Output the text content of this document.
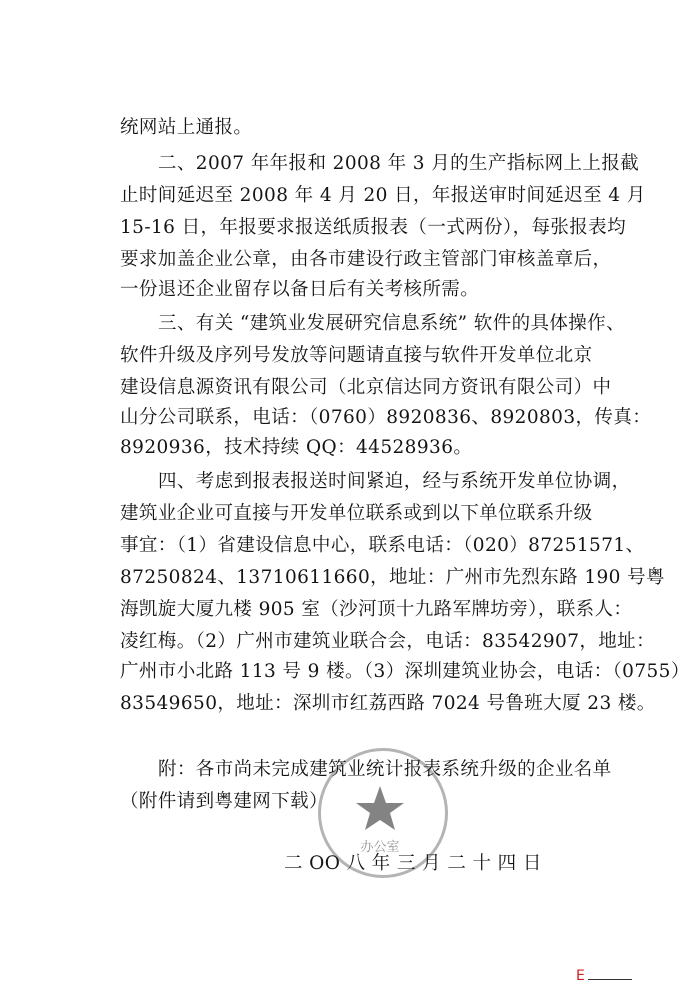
统网站上通报。
二、2007 年年报和 2008 年 3 月的生产指标网上上报截
止时间延迟至 2008 年 4 月 20 日，年报送审时间延迟至 4 月
15-16 日，年报要求报送纸质报表（一式两份），每张报表均
要求加盖企业公章，由各市建设行政主管部门审核盖章后，
一份退还企业留存以备日后有关考核所需。
三、有关 “建筑业发展研究信息系统” 软件的具体操作、
软件升级及序列号发放等问题请直接与软件开发单位北京
建设信息源资讯有限公司（北京信达同方资讯有限公司）中
山分公司联系，电话：（0760）8920836、8920803，传真：
8920936，技术持续 QQ：44528936。
四、考虑到报表报送时间紧迫，经与系统开发单位协调，
建筑业企业可直接与开发单位联系或到以下单位联系升级
事宜：（1）省建设信息中心，联系电话：（020）87251571、
87250824、13710611660，地址：广州市先烈东路 190 号粤
海凯旋大厦九楼 905 室（沙河顶十九路军牌坊旁），联系人：
凌红梅。（2）广州市建筑业联合会，电话：83542907，地址：
广州市小北路 113 号 9 楼。（3）深圳建筑业协会，电话：（0755）
83549650，地址：深圳市红荔西路 7024 号鲁班大厦 23 楼。
附：各市尚未完成建筑业统计报表系统升级的企业名单
（附件请到粤建网下载）
二 OO 八 年 三 月 二 十 四 日
办公室
E
